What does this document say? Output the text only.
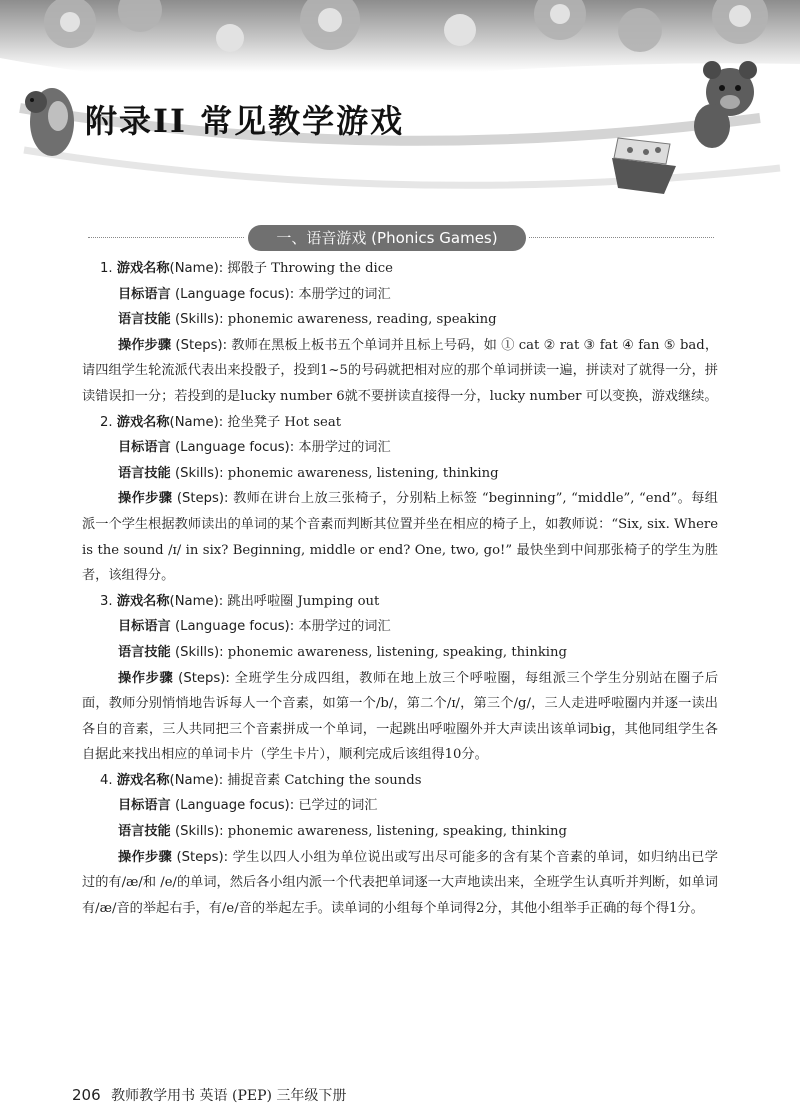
附录II 常见教学游戏
一、语音游戏 (Phonics Games)

1. 游戏名称(Name): 掷骰子 Throwing the dice

目标语言 (Language focus): 本册学过的词汇

语言技能 (Skills): phonemic awareness, reading, speaking

操作步骤 (Steps): 教师在黑板上板书五个单词并且标上号码，如 ① cat ② rat ③ fat ④ fan ⑤ bad，请四组学生轮流派代表出来投骰子，投到1~5的号码就把相对应的那个单词拼读一遍，拼读对了就得一分，拼读错误扣一分；若投到的是lucky number 6就不要拼读直接得一分，lucky number 可以变换，游戏继续。

2. 游戏名称(Name): 抢坐凳子 Hot seat

目标语言 (Language focus): 本册学过的词汇

语言技能 (Skills): phonemic awareness, listening, thinking

操作步骤 (Steps): 教师在讲台上放三张椅子，分别粘上标签 “beginning”, “middle”, “end”。每组派一个学生根据教师读出的单词的某个音素而判断其位置并坐在相应的椅子上，如教师说：“Six, six. Where is the sound /ɪ/ in six? Beginning, middle or end? One, two, go!” 最快坐到中间那张椅子的学生为胜者，该组得分。

3. 游戏名称(Name): 跳出呼啦圈 Jumping out

目标语言 (Language focus): 本册学过的词汇

语言技能 (Skills): phonemic awareness, listening, speaking, thinking

操作步骤 (Steps): 全班学生分成四组，教师在地上放三个呼啦圈，每组派三个学生分别站在圈子后面，教师分别悄悄地告诉每人一个音素，如第一个/b/，第二个/ɪ/，第三个/g/，三人走进呼啦圈内并逐一读出各自的音素，三人共同把三个音素拼成一个单词，一起跳出呼啦圈外并大声读出该单词big，其他同组学生各自据此来找出相应的单词卡片（学生卡片），顺利完成后该组得10分。

4. 游戏名称(Name): 捕捉音素 Catching the sounds

目标语言 (Language focus): 已学过的词汇

语言技能 (Skills): phonemic awareness, listening, speaking, thinking

操作步骤 (Steps): 学生以四人小组为单位说出或写出尽可能多的含有某个音素的单词，如归纳出已学过的有/æ/和 /e/的单词，然后各小组内派一个代表把单词逐一大声地读出来，全班学生认真听并判断，如单词有/æ/音的举起右手，有/e/音的举起左手。读单词的小组每个单词得2分，其他小组举手正确的每个得1分。

206 教师教学用书 英语 (PEP) 三年级下册
